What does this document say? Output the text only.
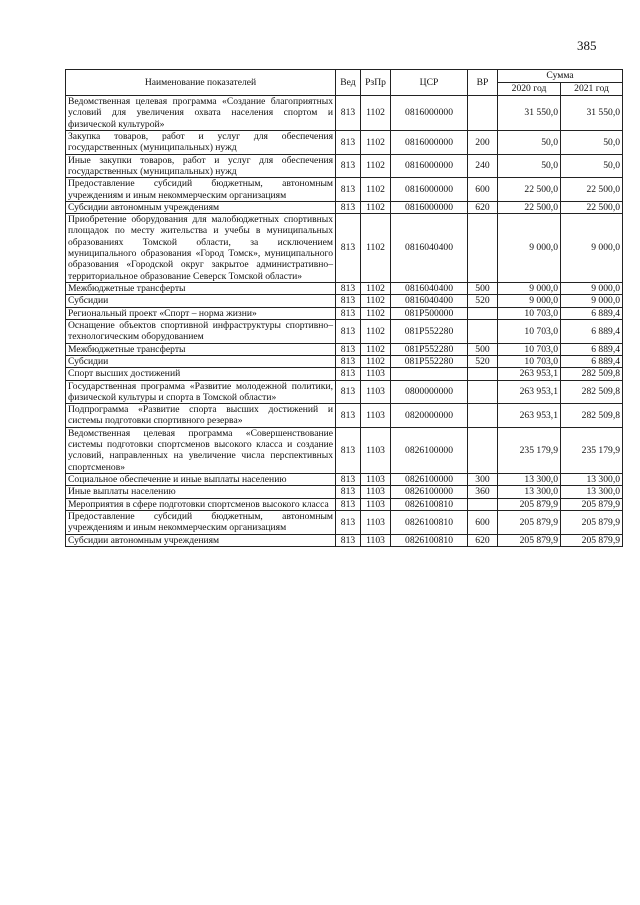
385
Наименование показателей	Вед	РзПр	ЦСР	ВР	Сумма	
					2020 год	2021 год
Ведомственная целевая программа «Создание благоприятных условий для увеличения охвата населения спортом и физической культурой»	813	1102	0816000000		31 550,0	31 550,0
Закупка товаров, работ и услуг для обеспечения государственных (муниципальных) нужд	813	1102	0816000000	200	50,0	50,0
Иные закупки товаров, работ и услуг для обеспечения государственных (муниципальных) нужд	813	1102	0816000000	240	50,0	50,0
Предоставление субсидий бюджетным, автономным учреждениям и иным некоммерческим организациям	813	1102	0816000000	600	22 500,0	22 500,0
Субсидии автономным учреждениям	813	1102	0816000000	620	22 500,0	22 500,0
Приобретение оборудования для малобюджетных спортивных площадок по месту жительства и учебы в муниципальных образованиях Томской области, за исключением муниципального образования «Город Томск», муниципального образования «Городской округ закрытое административно–территориальное образование Северск Томской области»	813	1102	0816040400		9 000,0	9 000,0
Межбюджетные трансферты	813	1102	0816040400	500	9 000,0	9 000,0
Субсидии	813	1102	0816040400	520	9 000,0	9 000,0
Региональный проект «Спорт – норма жизни»	813	1102	081P500000		10 703,0	6 889,4
Оснащение объектов спортивной инфраструктуры спортивно–технологическим оборудованием	813	1102	081P552280		10 703,0	6 889,4
Межбюджетные трансферты	813	1102	081P552280	500	10 703,0	6 889,4
Субсидии	813	1102	081P552280	520	10 703,0	6 889,4
Спорт высших достижений	813	1103			263 953,1	282 509,8
Государственная программа «Развитие молодежной политики, физической культуры и спорта в Томской области»	813	1103	0800000000		263 953,1	282 509,8
Подпрограмма «Развитие спорта высших достижений и системы подготовки спортивного резерва»	813	1103	0820000000		263 953,1	282 509,8
Ведомственная целевая программа «Совершенствование системы подготовки спортсменов высокого класса и создание условий, направленных на увеличение числа перспективных спортсменов»	813	1103	0826100000		235 179,9	235 179,9
Социальное обеспечение и иные выплаты населению	813	1103	0826100000	300	13 300,0	13 300,0
Иные выплаты населению	813	1103	0826100000	360	13 300,0	13 300,0
Мероприятия в сфере подготовки спортсменов высокого класса	813	1103	0826100810		205 879,9	205 879,9
Предоставление субсидий бюджетным, автономным учреждениям и иным некоммерческим организациям	813	1103	0826100810	600	205 879,9	205 879,9
Субсидии автономным учреждениям	813	1103	0826100810	620	205 879,9	205 879,9
